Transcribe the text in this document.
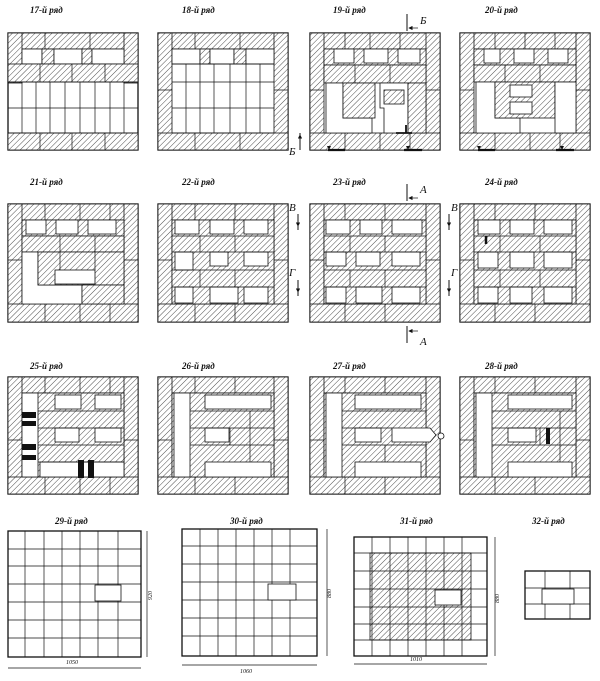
17-й ряд	18-й ряд	19-й ряд	20-й ряд
21-й ряд	22-й ряд	23-й ряд	24-й ряд
25-й ряд	26-й ряд	27-й ряд	28-й ряд
29-й ряд	30-й ряд	31-й ряд	32-й ряд
Б
Б
А
А
В
Г
В
Г
920
1050
880
1060
880
1010
